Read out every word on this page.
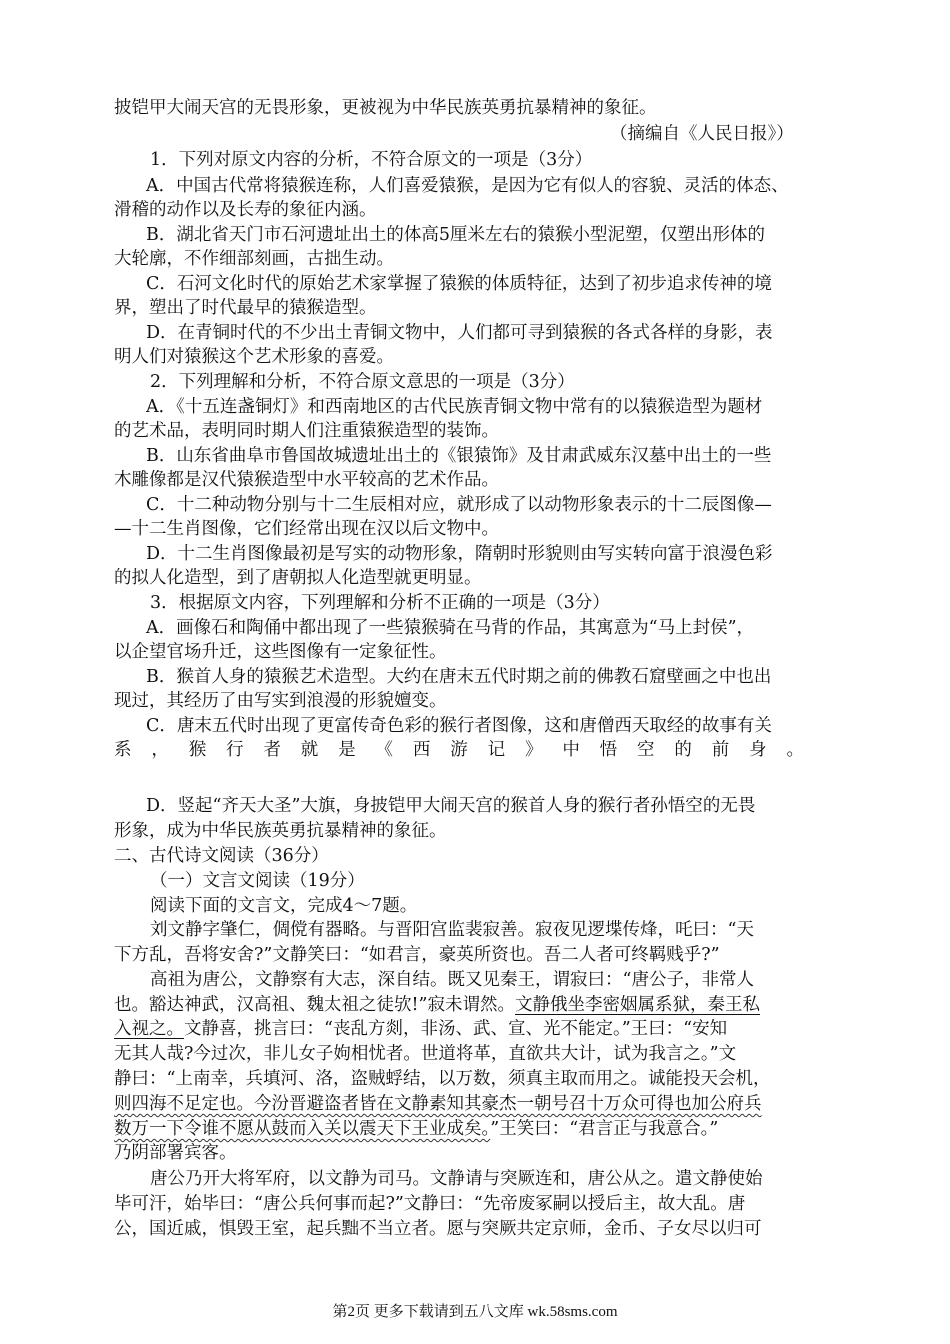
披铠甲大闹天宫的无畏形象，更被视为中华民族英勇抗暴精神的象征。
（摘编自《人民日报》）
1．下列对原文内容的分析，不符合原文的一项是（3分）
A．中国古代常将猿猴连称，人们喜爱猿猴，是因为它有似人的容貌、灵活的体态、
滑稽的动作以及长寿的象征内涵。
B．湖北省天门市石河遗址出土的体高5厘米左右的猿猴小型泥塑，仅塑出形体的
大轮廓，不作细部刻画，古拙生动。
C．石河文化时代的原始艺术家掌握了猿猴的体质特征，达到了初步追求传神的境
界，塑出了时代最早的猿猴造型。
D．在青铜时代的不少出土青铜文物中，人们都可寻到猿猴的各式各样的身影，表
明人们对猿猴这个艺术形象的喜爱。
2．下列理解和分析，不符合原文意思的一项是（3分）
A．《十五连盏铜灯》和西南地区的古代民族青铜文物中常有的以猿猴造型为题材
的艺术品，表明同时期人们注重猿猴造型的装饰。
B．山东省曲阜市鲁国故城遗址出土的《银猿饰》及甘肃武威东汉墓中出土的一些
木雕像都是汉代猿猴造型中水平较高的艺术作品。
C．十二种动物分别与十二生辰相对应，就形成了以动物形象表示的十二辰图像—
—十二生肖图像，它们经常出现在汉以后文物中。
D．十二生肖图像最初是写实的动物形象，隋朝时形貌则由写实转向富于浪漫色彩
的拟人化造型，到了唐朝拟人化造型就更明显。
3．根据原文内容，下列理解和分析不正确的一项是（3分）
A．画像石和陶俑中都出现了一些猿猴骑在马背的作品，其寓意为“马上封侯”，
以企望官场升迁，这些图像有一定象征性。
B．猴首人身的猿猴艺术造型。大约在唐末五代时期之前的佛教石窟壁画之中也出
现过，其经历了由写实到浪漫的形貌嬗变。
C．唐末五代时出现了更富传奇色彩的猴行者图像，这和唐僧西天取经的故事有关
系 ， 猴 行 者 就 是 《 西 游 记 》 中 悟 空 的 前 身 。
D．竖起“齐天大圣”大旗，身披铠甲大闹天宫的猴首人身的猴行者孙悟空的无畏
形象，成为中华民族英勇抗暴精神的象征。
二、古代诗文阅读（36分）
（一）文言文阅读（19分）
阅读下面的文言文，完成4～7题。
刘文静字肇仁，倜傥有器略。与晋阳宫监裴寂善。寂夜见逻堞传烽，吒曰：“天
下方乱，吾将安舍?”文静笑曰：“如君言，豪英所资也。吾二人者可终羁贱乎?”
高祖为唐公，文静察有大志，深自结。既又见秦王，谓寂曰：“唐公子，非常人
也。豁达神武，汉高祖、魏太祖之徒欤!”寂未谓然。文静俄坐李密姻属系狱，秦王私
入视之。文静喜，挑言曰：“丧乱方剡，非汤、武、宣、光不能定。”王曰：“安知
无其人哉?今过次，非儿女子姁相忧者。世道将革，直欲共大计，试为我言之。”文
静曰：“上南幸，兵填河、洛，盗贼蜉结，以万数，须真主取而用之。诚能投天会机，
则四海不足定也。今汾晋避盗者皆在文静素知其豪杰一朝号召十万众可得也加公府兵
数万一下令谁不愿从鼓而入关以震天下王业成矣。”王笑曰：“君言正与我意合。”
乃阴部署宾客。
唐公乃开大将军府，以文静为司马。文静请与突厥连和，唐公从之。遣文静使始
毕可汗，始毕曰：“唐公兵何事而起?”文静曰：“先帝废冢嗣以授后主，故大乱。唐
公，国近戚，惧毁王室，起兵黜不当立者。愿与突厥共定京师，金币、子女尽以归可
第2页 更多下载请到五八文库 wk.58sms.com
